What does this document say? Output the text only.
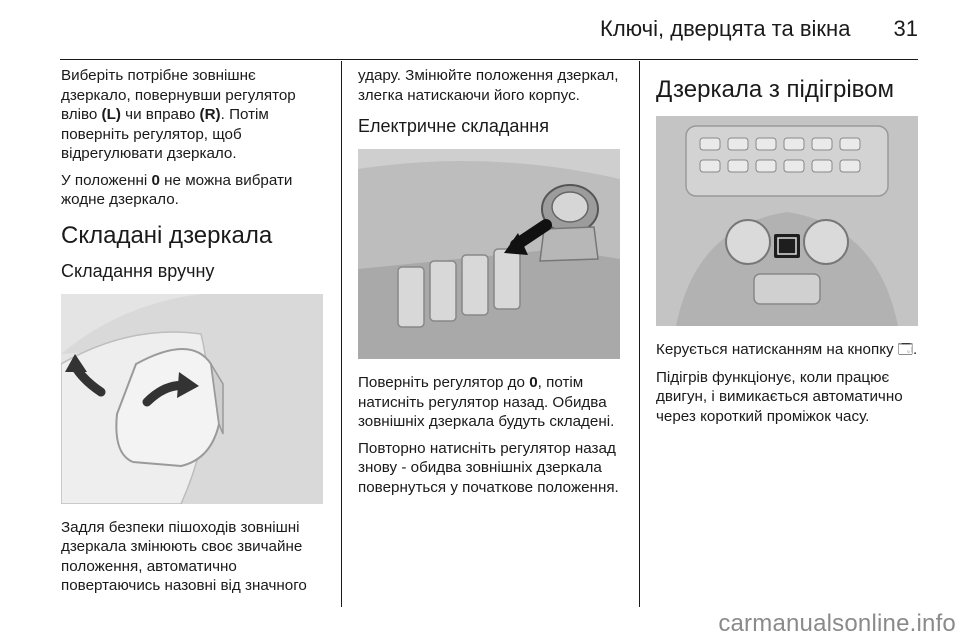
Ключі, дверцята та вікна 31

Виберіть потрібне зовнішнє дзеркало, повернувши регулятор вліво (L) чи вправо (R). Потім поверніть регулятор, щоб відрегулювати дзеркало.

У положенні 0 не можна вибрати жодне дзеркало.

Складані дзеркала
Складання вручну

Задля безпеки пішоходів зовнішні дзеркала змінюють своє звичайне положення, автоматично повертаючись назовні від значного

удару. Змінюйте положення дзеркал, злегка натискаючи його корпус.

Електричне складання

Поверніть регулятор до 0, потім натисніть регулятор назад. Обидва зовнішніх дзеркала будуть складені.

Повторно натисніть регулятор назад знову - обидва зовнішніх дзеркала повернуться у початкове положення.

Дзеркала з підігрівом

Керується натисканням на кнопку 🗔.

Підігрів функціонує, коли працює двигун, і вимикається автоматично через короткий проміжок часу.

carmanualsonline.info
